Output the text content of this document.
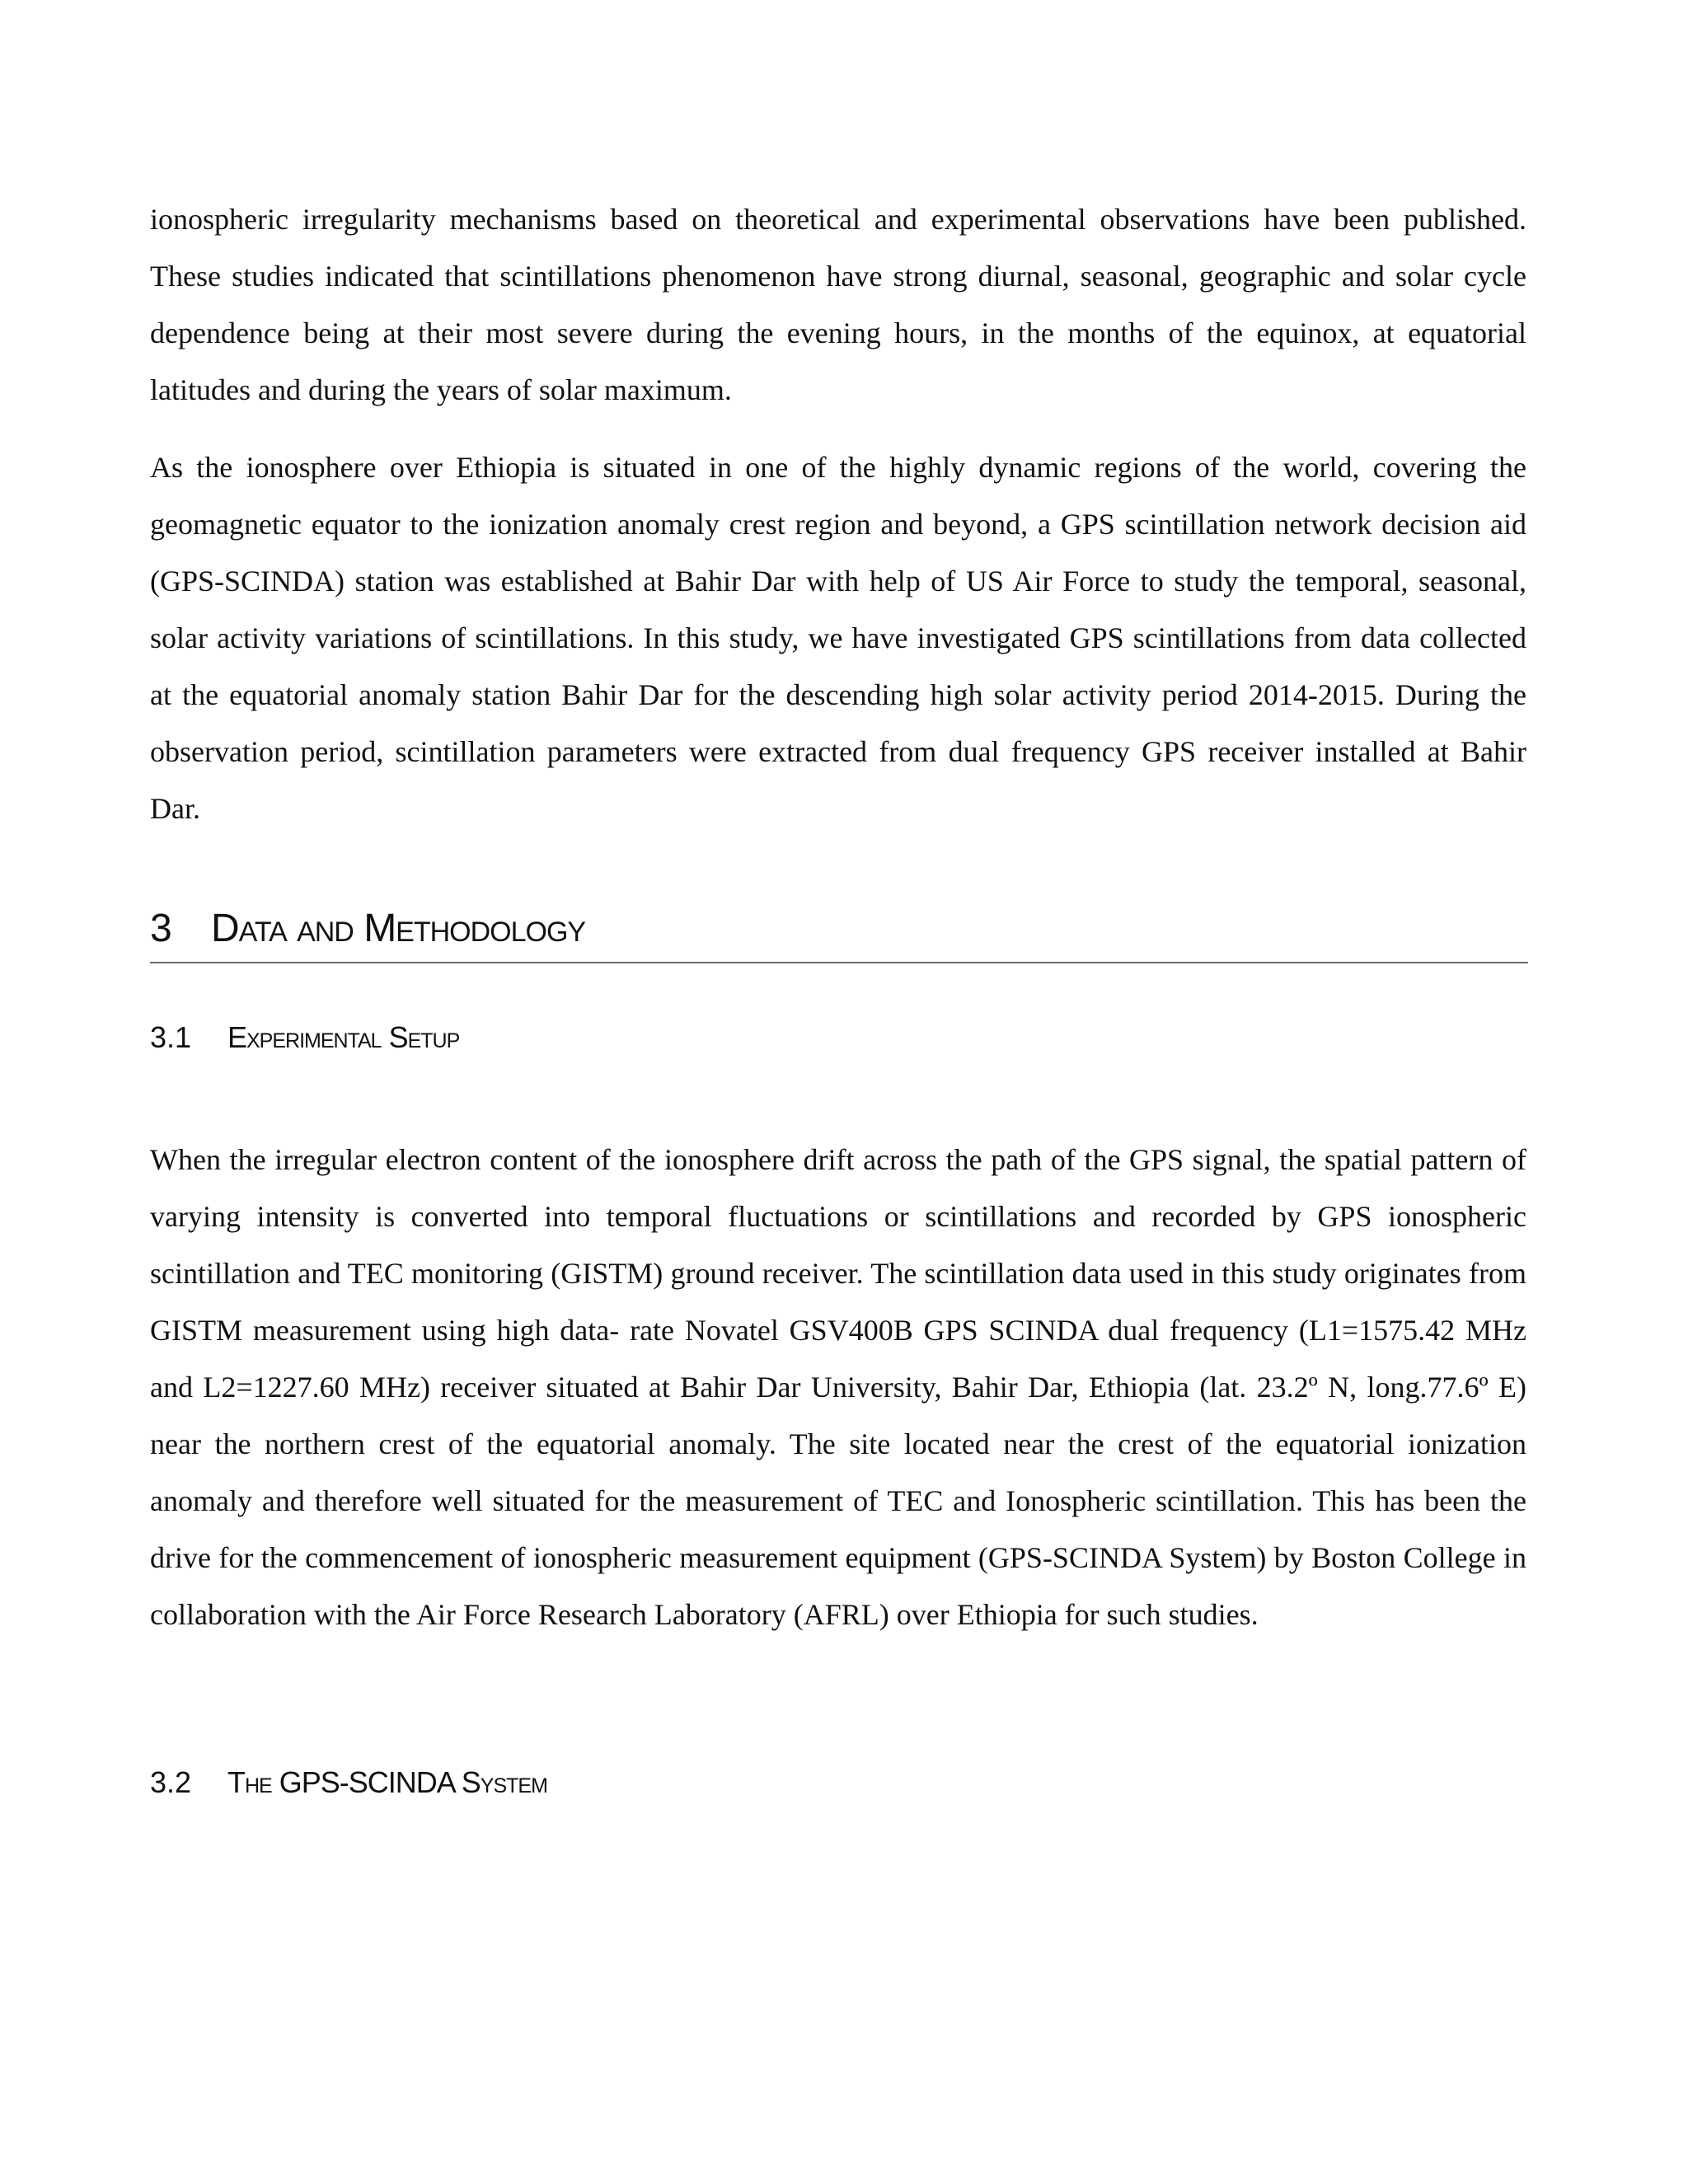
ionospheric irregularity mechanisms based on theoretical and experimental observations have been published. These studies indicated that scintillations phenomenon have strong diurnal, seasonal, geographic and solar cycle dependence being at their most severe during the evening hours, in the months of the equinox, at equatorial latitudes and during the years of solar maximum.

As the ionosphere over Ethiopia is situated in one of the highly dynamic regions of the world, covering the geomagnetic equator to the ionization anomaly crest region and beyond, a GPS scintillation network decision aid (GPS-SCINDA) station was established at Bahir Dar with help of US Air Force to study the temporal, seasonal, solar activity variations of scintillations. In this study, we have investigated GPS scintillations from data collected at the equatorial anomaly station Bahir Dar for the descending high solar activity period 2014-2015. During the observation period, scintillation parameters were extracted from dual frequency GPS receiver installed at Bahir Dar.

3 Data and Methodology
3.1 Experimental Setup

When the irregular electron content of the ionosphere drift across the path of the GPS signal, the spatial pattern of varying intensity is converted into temporal fluctuations or scintillations and recorded by GPS ionospheric scintillation and TEC monitoring (GISTM) ground receiver. The scintillation data used in this study originates from GISTM measurement using high data- rate Novatel GSV400B GPS SCINDA dual frequency (L1=1575.42 MHz and L2=1227.60 MHz) receiver situated at Bahir Dar University, Bahir Dar, Ethiopia (lat. 23.2º N, long.77.6º E) near the northern crest of the equatorial anomaly. The site located near the crest of the equatorial ionization anomaly and therefore well situated for the measurement of TEC and Ionospheric scintillation. This has been the drive for the commencement of ionospheric measurement equipment (GPS-SCINDA System) by Boston College in collaboration with the Air Force Research Laboratory (AFRL) over Ethiopia for such studies.

3.2 The GPS-SCINDA System
